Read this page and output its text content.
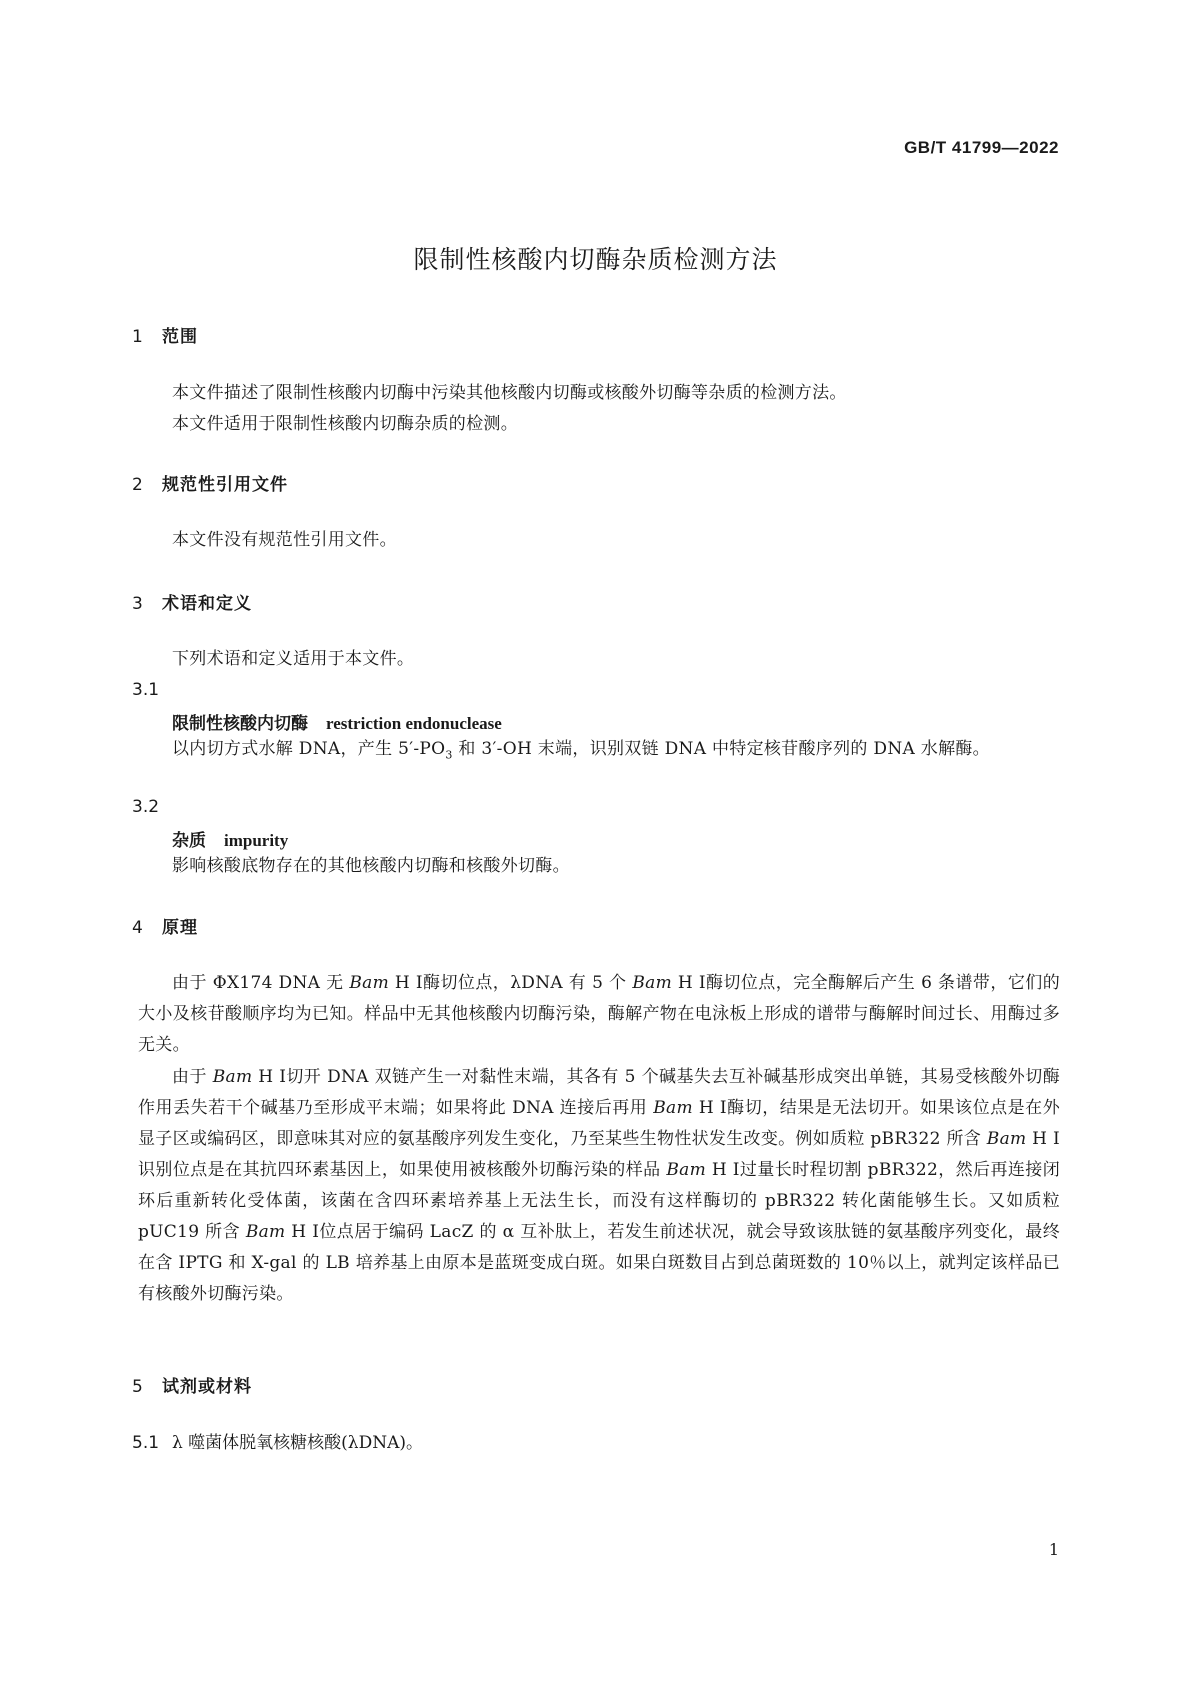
GB/T 41799—2022
限制性核酸内切酶杂质检测方法
1 范围
本文件描述了限制性核酸内切酶中污染其他核酸内切酶或核酸外切酶等杂质的检测方法。
本文件适用于限制性核酸内切酶杂质的检测。
2 规范性引用文件
本文件没有规范性引用文件。
3 术语和定义
下列术语和定义适用于本文件。
3.1
限制性核酸内切酶 restriction endonuclease
以内切方式水解 DNA，产生 $5'-PO_3$ 和 3′-OH 末端，识别双链 DNA 中特定核苷酸序列的 DNA 水解酶。
3.2
杂质 impurity
影响核酸底物存在的其他核酸内切酶和核酸外切酶。
4 原理
由于 ΦX174 DNA 无 Bam H Ⅰ酶切位点，λDNA 有 5 个 Bam H Ⅰ酶切位点，完全酶解后产生 6 条谱带，它们的大小及核苷酸顺序均为已知。样品中无其他核酸内切酶污染，酶解产物在电泳板上形成的谱带与酶解时间过长、用酶过多无关。
由于 Bam H Ⅰ切开 DNA 双链产生一对黏性末端，其各有 5 个碱基失去互补碱基形成突出单链，其易受核酸外切酶作用丢失若干个碱基乃至形成平末端；如果将此 DNA 连接后再用 Bam H Ⅰ酶切，结果是无法切开。如果该位点是在外显子区或编码区，即意味其对应的氨基酸序列发生变化，乃至某些生物性状发生改变。例如质粒 pBR322 所含 Bam H Ⅰ识别位点是在其抗四环素基因上，如果使用被核酸外切酶污染的样品 Bam H Ⅰ过量长时程切割 pBR322，然后再连接闭环后重新转化受体菌，该菌在含四环素培养基上无法生长，而没有这样酶切的 pBR322 转化菌能够生长。又如质粒 pUC19 所含 Bam H Ⅰ位点居于编码 LacZ 的 α 互补肽上，若发生前述状况，就会导致该肽链的氨基酸序列变化，最终在含 IPTG 和 X-gal 的 LB 培养基上由原本是蓝斑变成白斑。如果白斑数目占到总菌斑数的 10％以上，就判定该样品已有核酸外切酶污染。
5 试剂或材料
5.1 λ 噬菌体脱氧核糖核酸(λDNA)。
1
